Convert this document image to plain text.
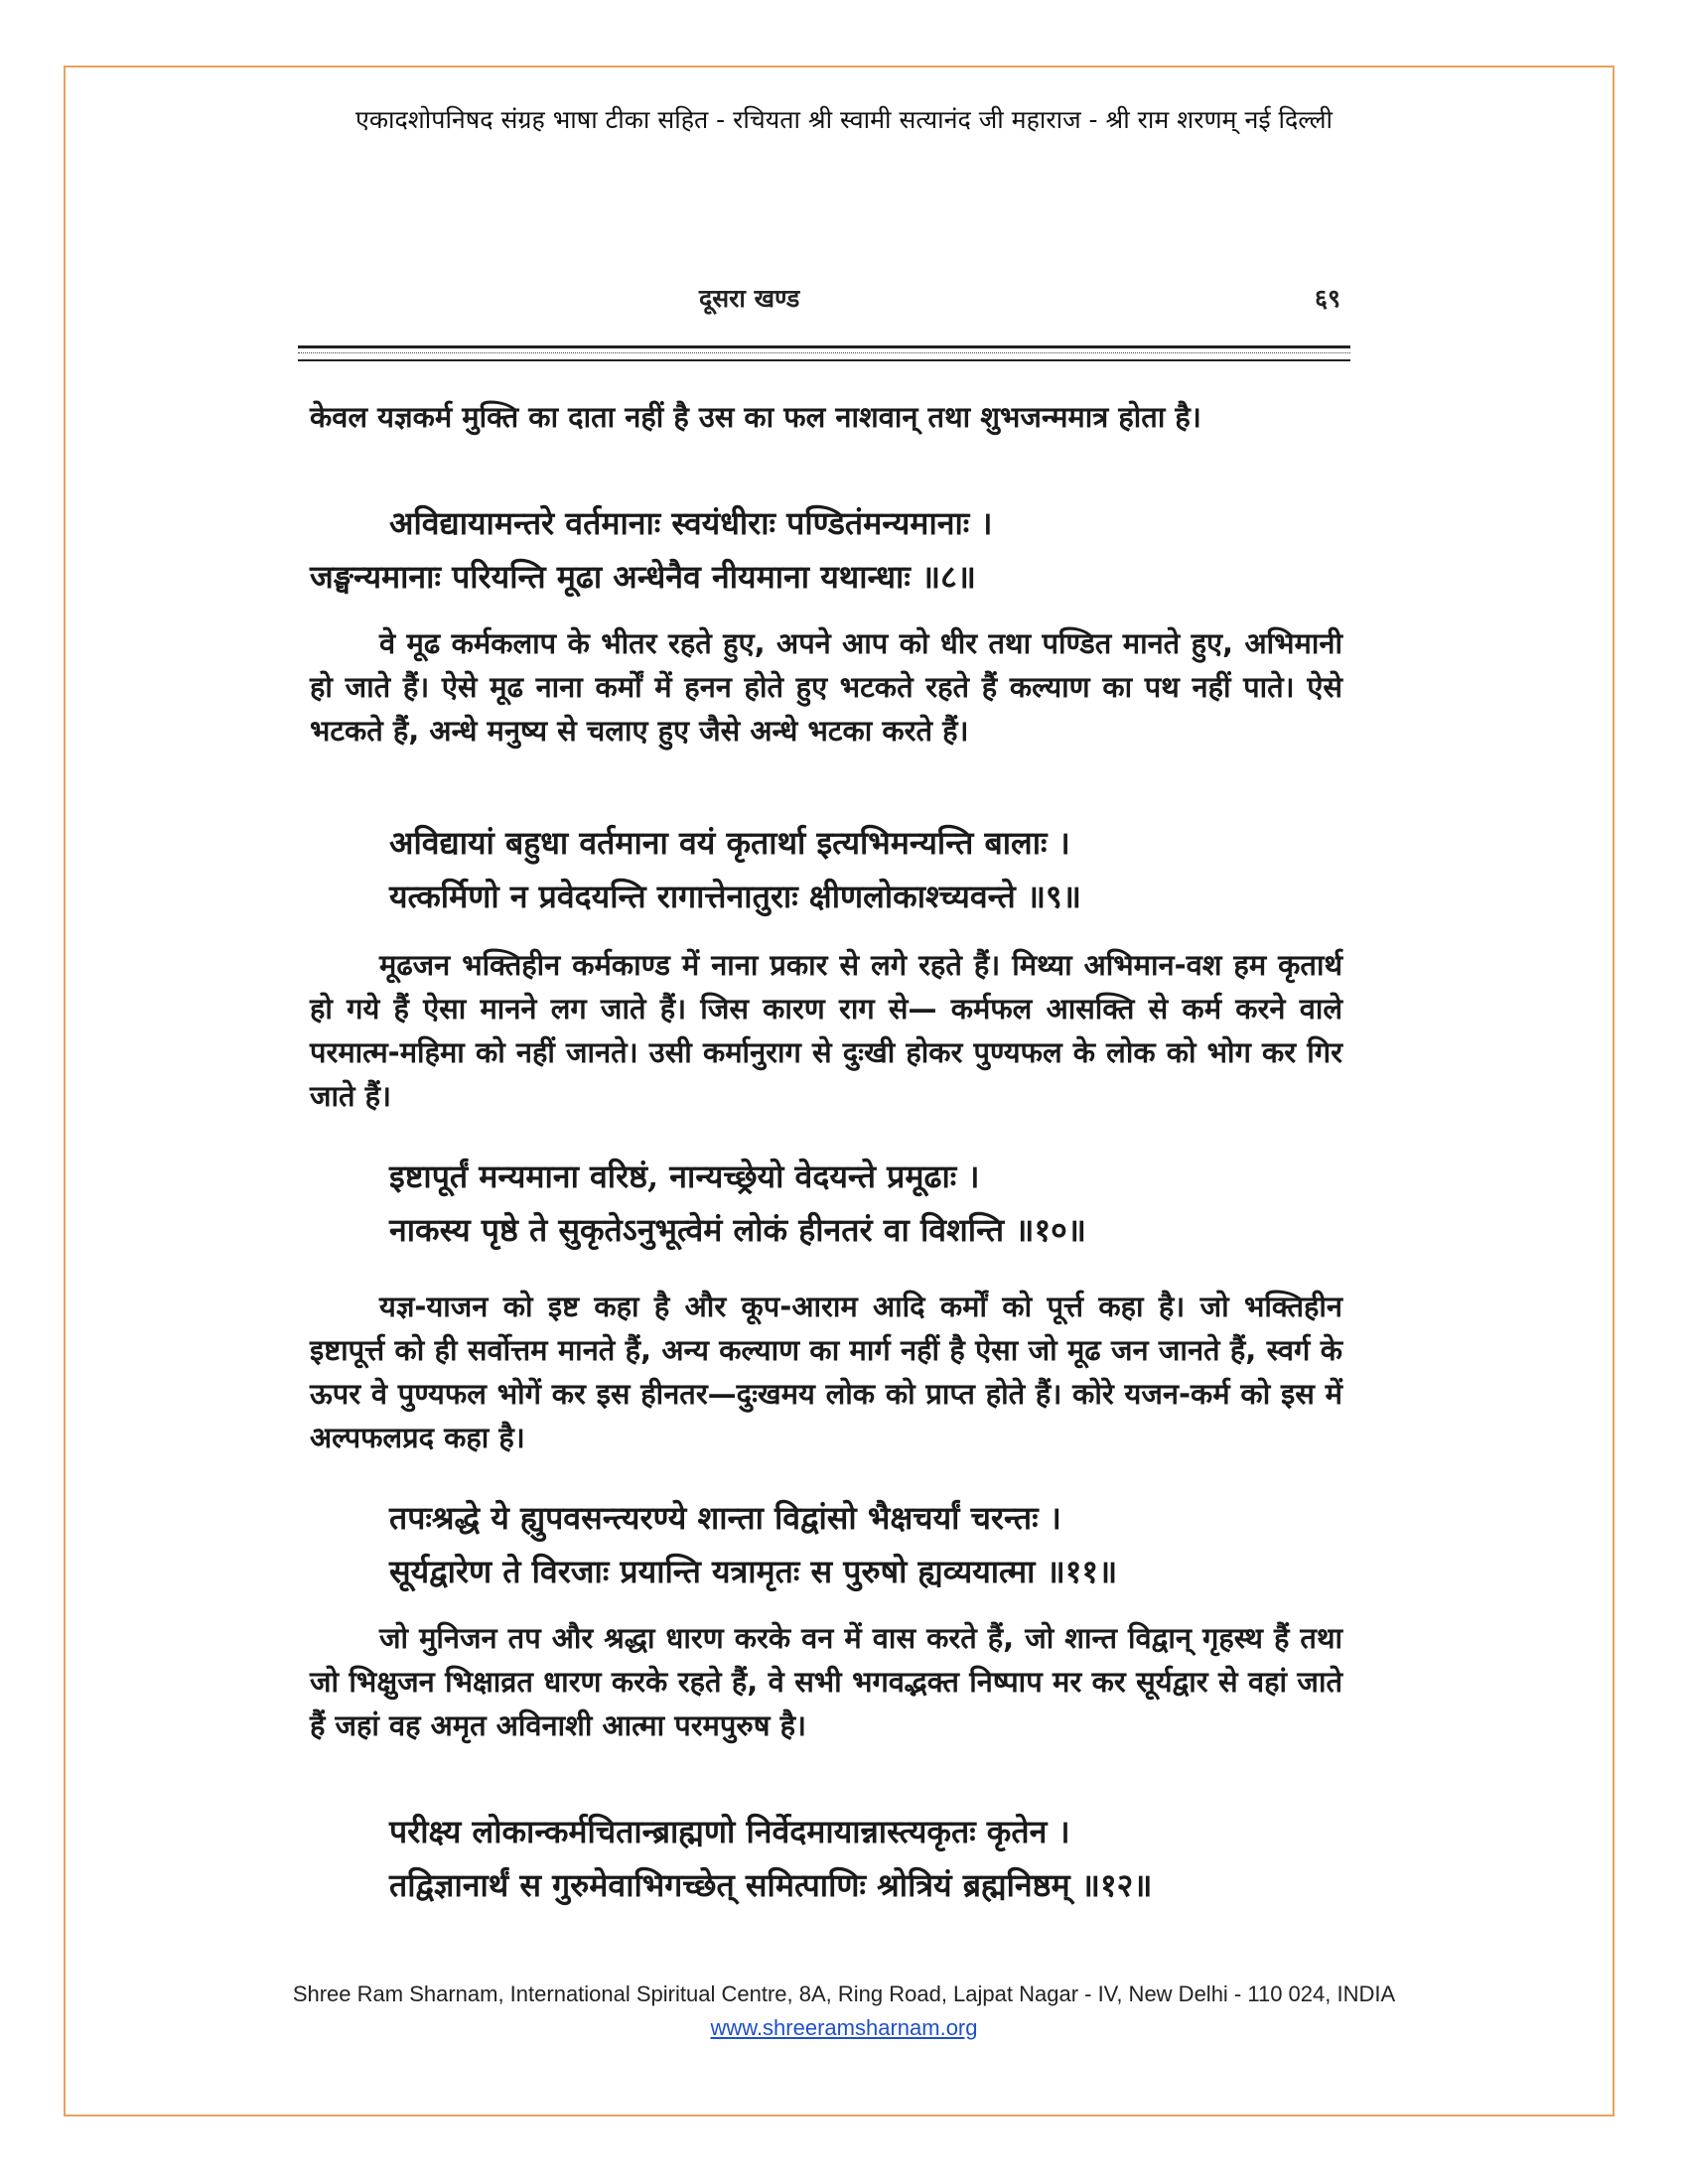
एकादशोपनिषद संग्रह भाषा टीका सहित - रचियता श्री स्वामी सत्यानंद जी महाराज - श्री राम शरणम् नई दिल्ली
दूसरा खण्ड	६९
केवल यज्ञकर्म मुक्ति का दाता नहीं है उस का फल नाशवान् तथा शुभजन्ममात्र होता है।
अविद्यायामन्तरे वर्तमानाः स्वयंधीराः पण्डितंमन्यमानाः ।
जङ्घन्यमानाः परियन्ति मूढा अन्धेनैव नीयमाना यथान्धाः ॥८॥
वे मूढ कर्मकलाप के भीतर रहते हुए, अपने आप को धीर तथा पण्डित मानते हुए, अभिमानी हो जाते हैं। ऐसे मूढ नाना कर्मों में हनन होते हुए भटकते रहते हैं कल्याण का पथ नहीं पाते। ऐसे भटकते हैं, अन्धे मनुष्य से चलाए हुए जैसे अन्धे भटका करते हैं।
अविद्यायां बहुधा वर्तमाना वयं कृतार्था इत्यभिमन्यन्ति बालाः ।
यत्कर्मिणो न प्रवेदयन्ति रागात्तेनातुराः क्षीणलोकाश्च्यवन्ते ॥९॥
मूढजन भक्तिहीन कर्मकाण्ड में नाना प्रकार से लगे रहते हैं। मिथ्या अभिमान-वश हम कृतार्थ हो गये हैं ऐसा मानने लग जाते हैं। जिस कारण राग से— कर्मफल आसक्ति से कर्म करने वाले परमात्म-महिमा को नहीं जानते। उसी कर्मानुराग से दुःखी होकर पुण्यफल के लोक को भोग कर गिर जाते हैं।
इष्टापूर्तं मन्यमाना वरिष्ठं, नान्यच्छ्रेयो वेदयन्ते प्रमूढाः ।
नाकस्य पृष्ठे ते सुकृतेऽनुभूत्वेमं लोकं हीनतरं वा विशन्ति ॥१०॥
यज्ञ-याजन को इष्ट कहा है और कूप-आराम आदि कर्मों को पूर्त्त कहा है। जो भक्तिहीन इष्टापूर्त्त को ही सर्वोत्तम मानते हैं, अन्य कल्याण का मार्ग नहीं है ऐसा जो मूढ जन जानते हैं, स्वर्ग के ऊपर वे पुण्यफल भोगें कर इस हीनतर—दुःखमय लोक को प्राप्त होते हैं। कोरे यजन-कर्म को इस में अल्पफलप्रद कहा है।
तपःश्रद्धे ये ह्युपवसन्त्यरण्ये शान्ता विद्वांसो भैक्षचर्यां चरन्तः ।
सूर्यद्वारेण ते विरजाः प्रयान्ति यत्रामृतः स पुरुषो ह्यव्ययात्मा ॥११॥
जो मुनिजन तप और श्रद्धा धारण करके वन में वास करते हैं, जो शान्त विद्वान् गृहस्थ हैं तथा जो भिक्षुजन भिक्षाव्रत धारण करके रहते हैं, वे सभी भगवद्भक्त निष्पाप मर कर सूर्यद्वार से वहां जाते हैं जहां वह अमृत अविनाशी आत्मा परमपुरुष है।
परीक्ष्य लोकान्कर्मचितान्ब्राह्मणो निर्वेदमायान्नास्त्यकृतः कृतेन ।
तद्विज्ञानार्थं स गुरुमेवाभिगच्छेत् समित्पाणिः श्रोत्रियं ब्रह्मनिष्ठम् ॥१२॥
Shree Ram Sharnam, International Spiritual Centre, 8A, Ring Road, Lajpat Nagar - IV, New Delhi - 110 024, INDIA
www.shreeramsharnam.org
